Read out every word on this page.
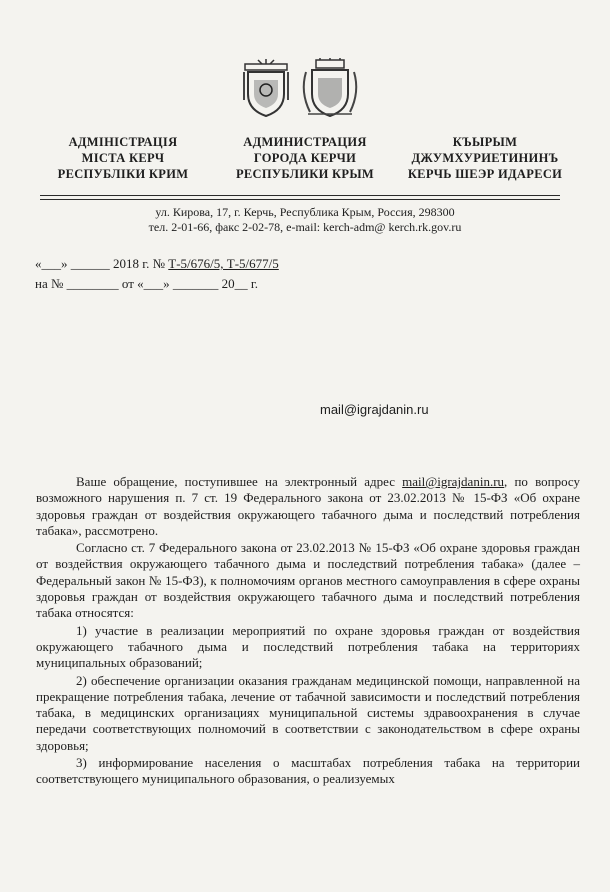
АДМІНІСТРАЦІЯ
МІСТА КЕРЧ
РЕСПУБЛІКИ КРИМ
АДМИНИСТРАЦИЯ
ГОРОДА КЕРЧИ
РЕСПУБЛИКИ КРЫМ
КЪЫРЫМ
ДЖУМХУРИЕТИНИНЪ
КЕРЧЬ ШЕЭР ИДАРЕСИ
ул. Кирова, 17, г. Керчь, Республика Крым, Россия, 298300
тел. 2-01-66, факс 2-02-78, e-mail: kerch-adm@ kerch.rk.gov.ru
«___» ______ 2018 г. № Т-5/676/5, Т-5/677/5
на № ________ от «___» _______ 20__ г.
mail@igrajdanin.ru

Ваше обращение, поступившее на электронный адрес mail@igrajdanin.ru, по вопросу возможного нарушения п. 7 ст. 19 Федерального закона от 23.02.2013 № 15-ФЗ «Об охране здоровья граждан от воздействия окружающего табачного дыма и последствий потребления табака», рассмотрено.

Согласно ст. 7 Федерального закона от 23.02.2013 № 15-ФЗ «Об охране здоровья граждан от воздействия окружающего табачного дыма и последствий потребления табака» (далее – Федеральный закон № 15-ФЗ), к полномочиям органов местного самоуправления в сфере охраны здоровья граждан от воздействия окружающего табачного дыма и последствий потребления табака относятся:

1) участие в реализации мероприятий по охране здоровья граждан от воздействия окружающего табачного дыма и последствий потребления табака на территориях муниципальных образований;

2) обеспечение организации оказания гражданам медицинской помощи, направленной на прекращение потребления табака, лечение от табачной зависимости и последствий потребления табака, в медицинских организациях муниципальной системы здравоохранения в случае передачи соответствующих полномочий в соответствии с законодательством в сфере охраны здоровья;

3) информирование населения о масштабах потребления табака на территории соответствующего муниципального образования, о реализуемых
